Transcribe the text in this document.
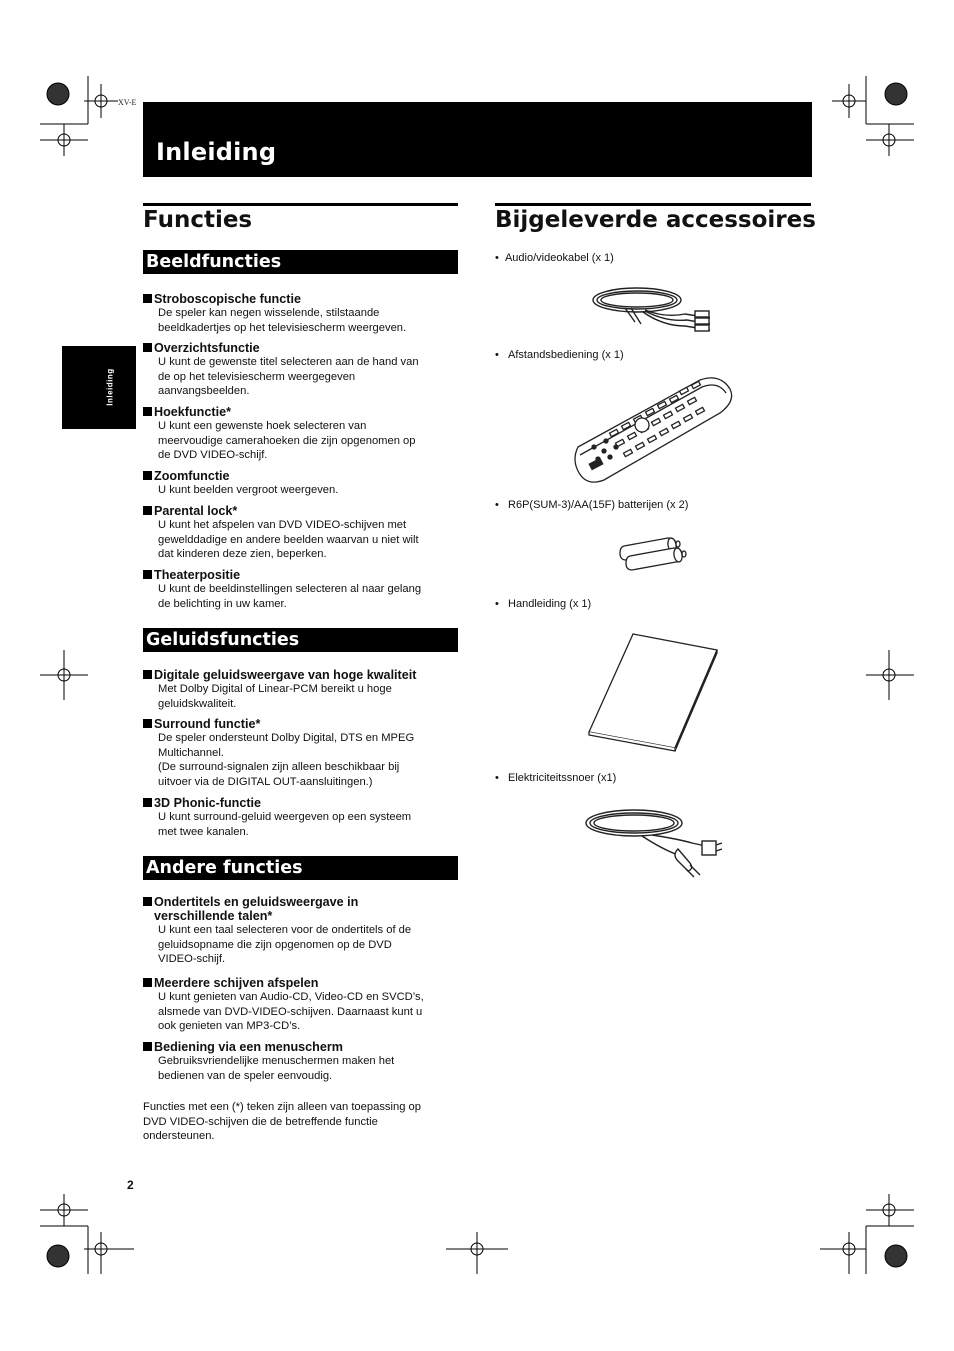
XV-E
Inleiding
Inleiding
Functies
Beeldfuncties
Stroboscopische functie
De speler kan negen wisselende, stilstaande
beeldkadertjes op het televisiescherm weergeven.
Overzichtsfunctie
U kunt de gewenste titel selecteren aan de hand van
de op het televisiescherm weergegeven
aanvangsbeelden.
Hoekfunctie*
U kunt een gewenste hoek selecteren van
meervoudige camerahoeken die zijn opgenomen op
de DVD VIDEO-schijf.
Zoomfunctie
U kunt beelden vergroot weergeven.
Parental lock*
U kunt het afspelen van DVD VIDEO-schijven met
gewelddadige en andere beelden waarvan u niet wilt
dat kinderen deze zien, beperken.
Theaterpositie
U kunt de beeldinstellingen selecteren al naar gelang
de belichting in uw kamer.
Geluidsfuncties
Digitale geluidsweergave van hoge kwaliteit
Met Dolby Digital of Linear-PCM bereikt u hoge
geluidskwaliteit.
Surround functie*
De speler ondersteunt Dolby Digital, DTS en MPEG
Multichannel.
(De surround-signalen zijn alleen beschikbaar bij
uitvoer via de DIGITAL OUT-aansluitingen.)
3D Phonic-functie
U kunt surround-geluid weergeven op een systeem
met twee kanalen.
Andere functies
Ondertitels en geluidsweergave in
verschillende talen*
U kunt een taal selecteren voor de ondertitels of de
geluidsopname die zijn opgenomen op de DVD
VIDEO-schijf.
Meerdere schijven afspelen
U kunt genieten van Audio-CD, Video-CD en SVCD’s,
alsmede van DVD-VIDEO-schijven. Daarnaast kunt u
ook genieten van MP3-CD’s.
Bediening via een menuscherm
Gebruiksvriendelijke menuschermen maken het
bedienen van de speler eenvoudig.
Functies met een (*) teken zijn alleen van toepassing op
DVD VIDEO-schijven die de betreffende functie
ondersteunen.
2
Bijgeleverde accessoires
•  Audio/videokabel (x 1)
•   Afstandsbediening (x 1)
•   R6P(SUM-3)/AA(15F) batterijen (x 2)
•   Handleiding (x 1)
•   Elektriciteitssnoer (x1)
